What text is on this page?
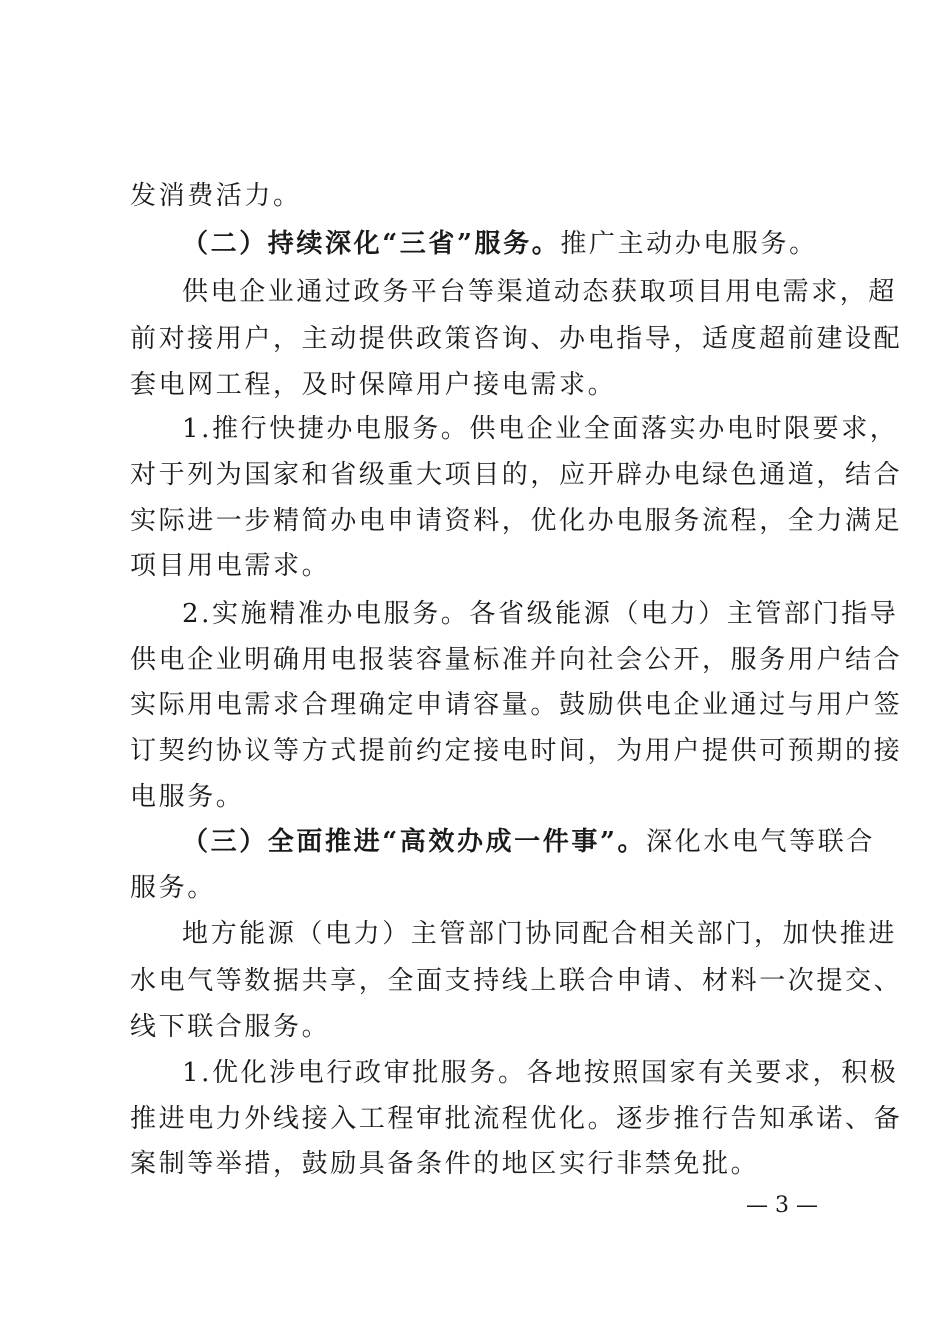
发消费活力。
（二）持续深化“三省”服务。推广主动办电服务。
供电企业通过政务平台等渠道动态获取项目用电需求，超
前对接用户，主动提供政策咨询、办电指导，适度超前建设配
套电网工程，及时保障用户接电需求。
1.推行快捷办电服务。供电企业全面落实办电时限要求，
对于列为国家和省级重大项目的，应开辟办电绿色通道，结合
实际进一步精简办电申请资料，优化办电服务流程，全力满足
项目用电需求。
2.实施精准办电服务。各省级能源（电力）主管部门指导
供电企业明确用电报装容量标准并向社会公开，服务用户结合
实际用电需求合理确定申请容量。鼓励供电企业通过与用户签
订契约协议等方式提前约定接电时间，为用户提供可预期的接
电服务。
（三）全面推进“高效办成一件事”。深化水电气等联合
服务。
地方能源（电力）主管部门协同配合相关部门，加快推进
水电气等数据共享，全面支持线上联合申请、材料一次提交、
线下联合服务。
1.优化涉电行政审批服务。各地按照国家有关要求，积极
推进电力外线接入工程审批流程优化。逐步推行告知承诺、备
案制等举措，鼓励具备条件的地区实行非禁免批。
— 3 —
